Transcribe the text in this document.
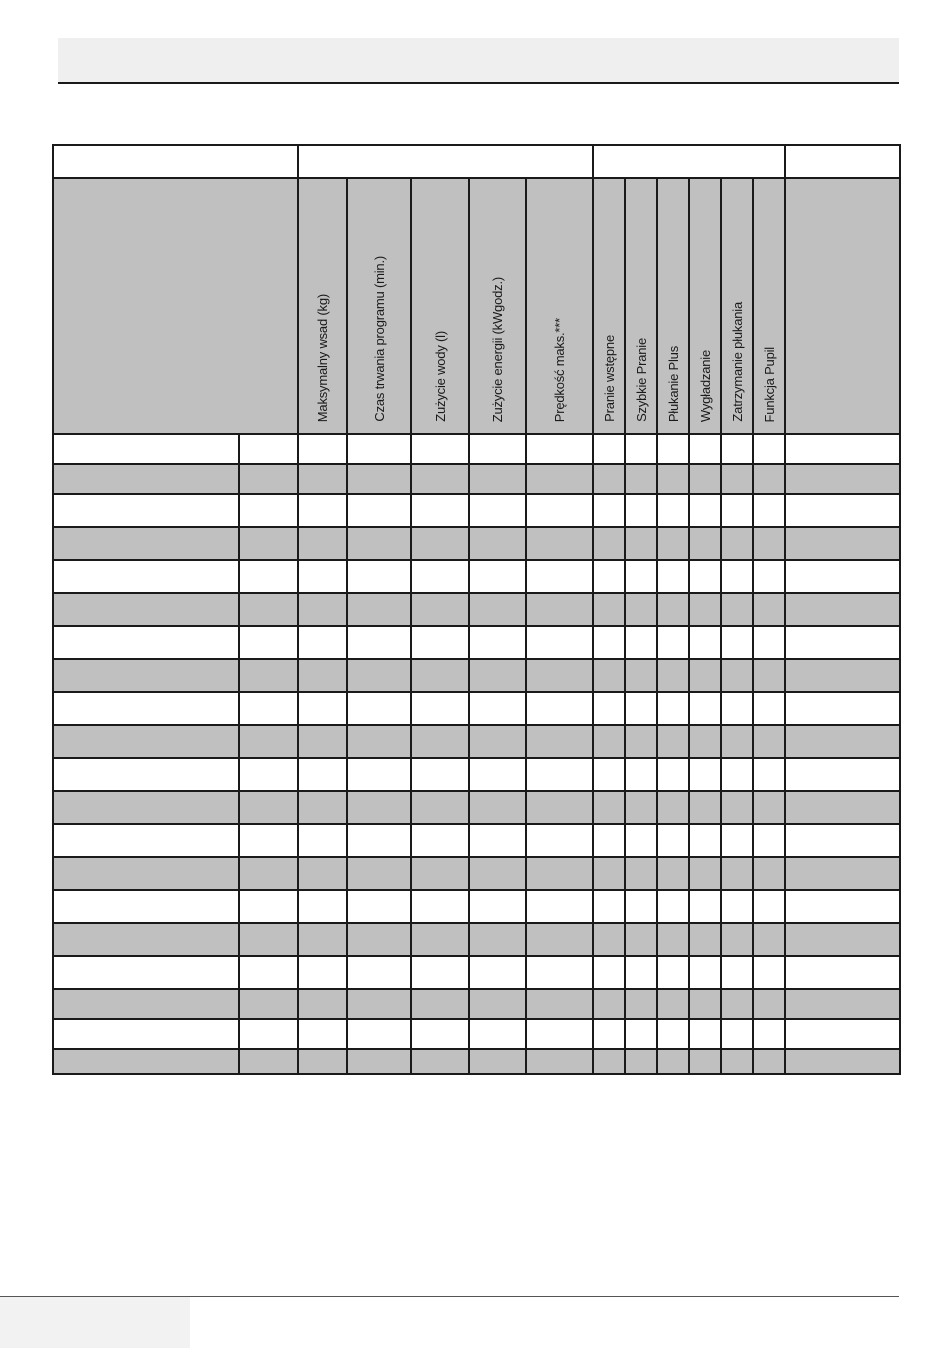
		Maksymalny wsad (kg)	Czas trwania programu (min.)	Zużycie wody (l)	Zużycie energii (kWgodz.)	Prędkość maks.***	Pranie wstępne	Szybkie Pranie	Płukanie Plus	Wygładzanie	Zatrzymanie płukania	Funkcja Pupil	
